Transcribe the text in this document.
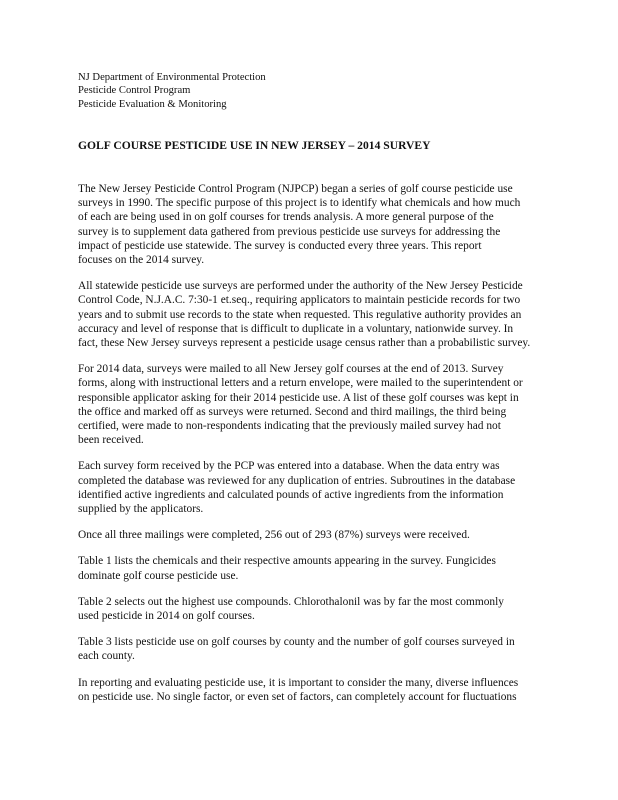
NJ Department of Environmental Protection
Pesticide Control Program
Pesticide Evaluation & Monitoring
GOLF COURSE PESTICIDE USE IN NEW JERSEY – 2014 SURVEY

The New Jersey Pesticide Control Program (NJPCP) began a series of golf course pesticide use
surveys in 1990. The specific purpose of this project is to identify what chemicals and how much
of each are being used in on golf courses for trends analysis. A more general purpose of the
survey is to supplement data gathered from previous pesticide use surveys for addressing the
impact of pesticide use statewide. The survey is conducted every three years. This report
focuses on the 2014 survey.

All statewide pesticide use surveys are performed under the authority of the New Jersey Pesticide
Control Code, N.J.A.C. 7:30-1 et.seq., requiring applicators to maintain pesticide records for two
years and to submit use records to the state when requested. This regulative authority provides an
accuracy and level of response that is difficult to duplicate in a voluntary, nationwide survey. In
fact, these New Jersey surveys represent a pesticide usage census rather than a probabilistic survey.

For 2014 data, surveys were mailed to all New Jersey golf courses at the end of 2013. Survey
forms, along with instructional letters and a return envelope, were mailed to the superintendent or
responsible applicator asking for their 2014 pesticide use. A list of these golf courses was kept in
the office and marked off as surveys were returned. Second and third mailings, the third being
certified, were made to non-respondents indicating that the previously mailed survey had not
been received.

Each survey form received by the PCP was entered into a database. When the data entry was
completed the database was reviewed for any duplication of entries. Subroutines in the database
identified active ingredients and calculated pounds of active ingredients from the information
supplied by the applicators.

Once all three mailings were completed, 256 out of 293 (87%) surveys were received.

Table 1 lists the chemicals and their respective amounts appearing in the survey. Fungicides
dominate golf course pesticide use.

Table 2 selects out the highest use compounds. Chlorothalonil was by far the most commonly
used pesticide in 2014 on golf courses.

Table 3 lists pesticide use on golf courses by county and the number of golf courses surveyed in
each county.

In reporting and evaluating pesticide use, it is important to consider the many, diverse influences
on pesticide use. No single factor, or even set of factors, can completely account for fluctuations
